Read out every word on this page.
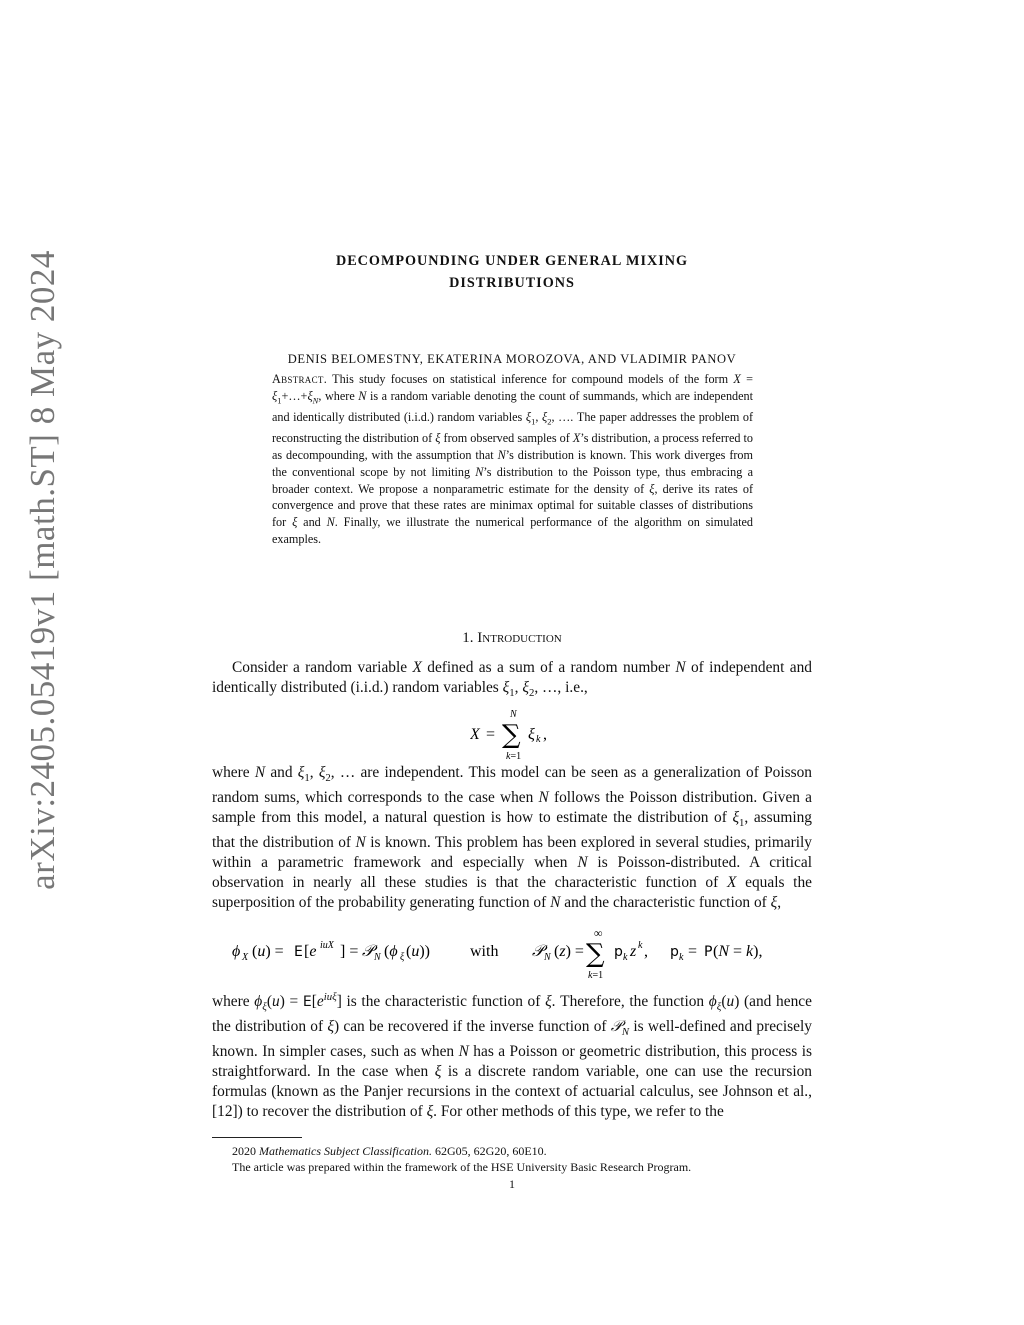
arXiv:2405.05419v1 [math.ST] 8 May 2024	DECOMPOUNDING UNDER GENERAL MIXING
DISTRIBUTIONS
DENIS BELOMESTNY, EKATERINA MOROZOVA, AND VLADIMIR PANOV
Abstract. This study focuses on statistical inference for compound models of the form $X = \xi_1+\dots+\xi_N$, where N is a random variable denoting the count of summands, which are independent and identically distributed (i.i.d.) random variables $\xi_1$, $\xi_2$, …. The paper addresses the problem of reconstructing the distribution of ξ from observed samples of X’s distribution, a process referred to as decompounding, with the assumption that N’s distribution is known. This work diverges from the conventional scope by not limiting N’s distribution to the Poisson type, thus embracing a broader context. We propose a nonparametric estimate for the density of ξ, derive its rates of convergence and prove that these rates are minimax optimal for suitable classes of distributions for ξ and N. Finally, we illustrate the numerical performance of the algorithm on simulated examples.
1. Introduction
Consider a random variable X defined as a sum of a random number N of independent and identically distributed (i.i.d.) random variables $\xi_1$, $\xi_2$, …, i.e.,
X =
N
∑
k=1
ξ k ,
where N and $\xi_1$, $\xi_2$, … are independent. This model can be seen as a generalization of Poisson random sums, which corresponds to the case when N follows the Poisson distribution. Given a sample from this model, a natural question is how to estimate the distribution of $\xi_1$, assuming that the distribution of N is known. This problem has been explored in several studies, primarily within a parametric framework and especially when N is Poisson-distributed. A critical observation in nearly all these studies is that the characteristic function of X equals the superposition of the probability generating function of N and the characteristic function of ξ,
ϕ X (u) = E [e iuX ] = 𝒫 N (ϕ ξ (u))	with 𝒫 N (z) =
∞
∑
k=1
p k z k , p k = P (N = k),
where $\phi_\xi(u) = E[e^{iu\xi}]$ is the characteristic function of ξ. Therefore, the function $\phi_\xi(u)$ (and hence the distribution of ξ) can be recovered if the inverse function of 𝒫$_N$ is well-defined and precisely known. In simpler cases, such as when N has a Poisson or geometric distribution, this process is straightforward. In the case when ξ is a discrete random variable, one can use the recursion formulas (known as the Panjer recursions in the context of actuarial calculus, see Johnson et al., [12]) to recover the distribution of ξ. For other methods of this type, we refer to the
2020 Mathematics Subject Classification. 62G05, 62G20, 60E10.
The article was prepared within the framework of the HSE University Basic Research Program.
1
